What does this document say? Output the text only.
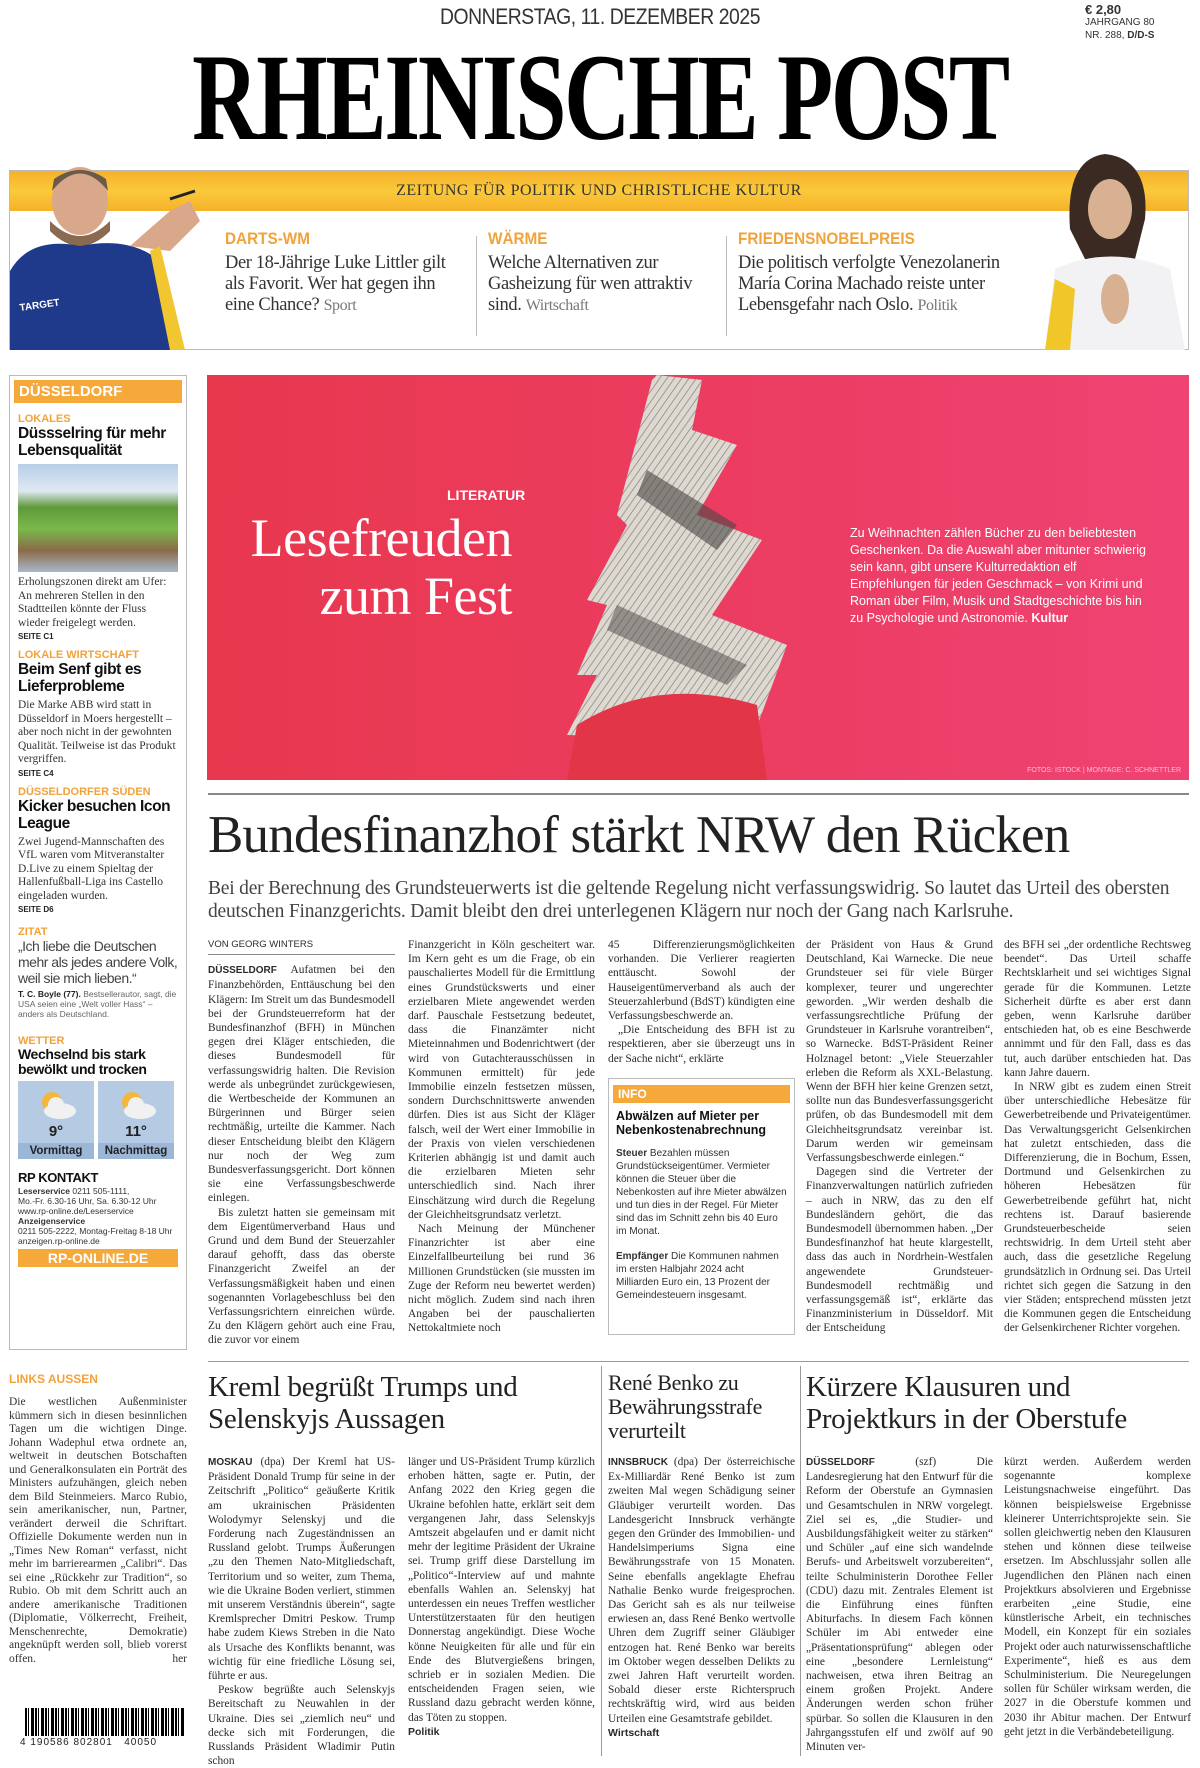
DONNERSTAG, 11. DEZEMBER 2025	€ 2,80
JAHRGANG 80
NR. 288, D/D-S
RHEINISCHE POST
ZEITUNG FÜR POLITIK UND CHRISTLICHE KULTUR
TARGET
DARTS-WM
Der 18-Jährige Luke Littler gilt als Favorit. Wer hat gegen ihn eine Chance? Sport
WÄRME
Welche Alternativen zur Gasheizung für wen attraktiv sind. Wirtschaft
FRIEDENSNOBELPREIS
Die politisch verfolgte Venezolanerin María Corina Machado reiste unter Lebensgefahr nach Oslo. Politik
DÜSSELDORF
LOKALES
Düssselring für mehr Lebensqualität
Erholungszonen direkt am Ufer: An mehreren Stellen in den Stadtteilen könnte der Fluss wieder freigelegt werden.
SEITE C1
LOKALE WIRTSCHAFT
Beim Senf gibt es Lieferprobleme
Die Marke ABB wird statt in Düsseldorf in Moers hergestellt – aber noch nicht in der gewohnten Qualität. Teilweise ist das Produkt vergriffen.
SEITE C4
DÜSSELDORFER SÜDEN
Kicker besuchen Icon League
Zwei Jugend-Mannschaften des VfL waren vom Mitveranstalter D.Live zu einem Spieltag der Hallenfußball-Liga ins Castello eingeladen wurden.
SEITE D6
ZITAT
„Ich liebe die Deutschen mehr als jedes andere Volk, weil sie mich lieben.“
T. C. Boyle (77). Bestsellerautor, sagt, die USA seien eine „Welt voller Hass“ – anders als Deutschland.
WETTER
Wechselnd bis stark bewölkt und trocken
9°
Vormittag
11°
Nachmittag
RP KONTAKT
Leserservice 0211 505-1111,
Mo.-Fr. 6.30-16 Uhr, Sa. 6.30-12 Uhr
www.rp-online.de/Leserservice
Anzeigenservice
0211 505-2222, Montag-Freitag 8-18 Uhr
anzeigen.rp-online.de
RP-ONLINE.DE
LITERATUR
Lesefreuden
zum Fest
Zu Weihnachten zählen Bücher zu den beliebtesten Geschenken. Da die Auswahl aber mitunter schwierig sein kann, gibt unsere Kulturredaktion elf Empfehlungen für jeden Geschmack – von Krimi und Roman über Film, Musik und Stadtgeschichte bis hin zu Psychologie und Astronomie. Kultur
FOTOS: ISTOCK | MONTAGE: C. SCHNETTLER
Bundesfinanzhof stärkt NRW den Rücken
Bei der Berechnung des Grundsteuerwerts ist die geltende Regelung nicht verfassungswidrig. So lautet das Urteil des obersten deutschen Finanzgerichts. Damit bleibt den drei unterlegenen Klägern nur noch der Gang nach Karlsruhe.
VON GEORG WINTERS

DÜSSELDORF Aufatmen bei den Finanzbehörden, Enttäuschung bei den Klägern: Im Streit um das Bundesmodell bei der Grundsteuerreform hat der Bundesfinanzhof (BFH) in München gegen drei Kläger entschieden, die dieses Bundesmodell für verfassungswidrig halten. Die Revision werde als unbegründet zurückgewiesen, die Wertbescheide der Kommunen an Bürgerinnen und Bürger seien rechtmäßig, urteilte die Kammer. Nach dieser Entscheidung bleibt den Klägern nur noch der Weg zum Bundesverfassungsgericht. Dort können sie eine Verfassungsbeschwerde einlegen.

Bis zuletzt hatten sie gemeinsam mit dem Eigentümerverband Haus und Grund und dem Bund der Steuerzahler darauf gehofft, dass das oberste Finanzgericht Zweifel an der Verfassungsmäßigkeit haben und einen sogenannten Vorlagebeschluss bei den Verfassungsrichtern einreichen würde. Zu den Klägern gehört auch eine Frau, die zuvor vor einem

Finanzgericht in Köln gescheitert war. Im Kern geht es um die Frage, ob ein pauschaliertes Modell für die Ermittlung eines Grundstückswerts und einer erzielbaren Miete angewendet werden darf. Pauschale Festsetzung bedeutet, dass die Finanzämter nicht Mieteinnahmen und Bodenrichtwert (der wird von Gutachterausschüssen in Kommunen ermittelt) für jede Immobilie einzeln festsetzen müssen, sondern Durchschnittswerte anwenden dürfen. Dies ist aus Sicht der Kläger falsch, weil der Wert einer Immobilie in der Praxis von vielen verschiedenen Kriterien abhängig ist und damit auch die erzielbaren Mieten sehr unterschiedlich sind. Nach ihrer Einschätzung wird durch die Regelung der Gleichheitsgrundsatz verletzt.

Nach Meinung der Münchener Finanzrichter ist aber eine Einzelfallbeurteilung bei rund 36 Millionen Grundstücken (sie mussten im Zuge der Reform neu bewertet werden) nicht möglich. Zudem sind nach ihren Angaben bei der pauschalierten Nettokaltmiete noch

45 Differenzierungsmöglichkeiten vorhanden. Die Verlierer reagierten enttäuscht. Sowohl der Hauseigentümerverband als auch der Steuerzahlerbund (BdST) kündigten eine Verfassungsbeschwerde an.

„Die Entscheidung des BFH ist zu respektieren, aber sie überzeugt uns in der Sache nicht“, erklärte

INFO
Abwälzen auf Mieter per Nebenkostenabrechnung
Steuer Bezahlen müssen Grundstückseigentümer. Vermieter können die Steuer über die Nebenkosten auf ihre Mieter abwälzen und tun dies in der Regel. Für Mieter sind das im Schnitt zehn bis 40 Euro im Monat.
Empfänger Die Kommunen nahmen im ersten Halbjahr 2024 acht Milliarden Euro ein, 13 Prozent der Gemeindesteuern insgesamt.

der Präsident von Haus & Grund Deutschland, Kai Warnecke. Die neue Grundsteuer sei für viele Bürger komplexer, teurer und ungerechter geworden. „Wir werden deshalb die verfassungsrechtliche Prüfung der Grundsteuer in Karlsruhe vorantreiben“, so Warnecke. BdST-Präsident Reiner Holznagel betont: „Viele Steuerzahler erleben die Reform als XXL-Belastung. Wenn der BFH hier keine Grenzen setzt, sollte nun das Bundesverfassungsgericht prüfen, ob das Bundesmodell mit dem Gleichheitsgrundsatz vereinbar ist. Darum werden wir gemeinsam Verfassungsbeschwerde einlegen.“

Dagegen sind die Vertreter der Finanzverwaltungen natürlich zufrieden – auch in NRW, das zu den elf Bundesländern gehört, die das Bundesmodell übernommen haben. „Der Bundesfinanzhof hat heute klargestellt, dass das auch in Nordrhein-Westfalen angewendete Grundsteuer-Bundesmodell rechtmäßig und verfassungsgemäß ist“, erklärte das Finanzministerium in Düsseldorf. Mit der Entscheidung

des BFH sei „der ordentliche Rechtsweg beendet“. Das Urteil schaffe Rechtsklarheit und sei wichtiges Signal gerade für die Kommunen. Letzte Sicherheit dürfte es aber erst dann geben, wenn Karlsruhe darüber entschieden hat, ob es eine Beschwerde annimmt und für den Fall, dass es das tut, auch darüber entschieden hat. Das kann Jahre dauern.

In NRW gibt es zudem einen Streit über unterschiedliche Hebesätze für Gewerbetreibende und Privateigentümer. Das Verwaltungsgericht Gelsenkirchen hat zuletzt entschieden, dass die Differenzierung, die in Bochum, Essen, Dortmund und Gelsenkirchen zu höheren Hebesätzen für Gewerbetreibende geführt hat, nicht rechtens ist. Darauf basierende Grundsteuerbescheide seien rechtswidrig. In dem Urteil steht aber auch, dass die gesetzliche Regelung grundsätzlich in Ordnung sei. Das Urteil richtet sich gegen die Satzung in den vier Städen; entsprechend müssten jetzt die Kommunen gegen die Entscheidung der Gelsenkirchener Richter vorgehen.

LINKS AUSSEN
Die westlichen Außenminister kümmern sich in diesen besinnlichen Tagen um die wichtigen Dinge. Johann Wadephul etwa ordnete an, weltweit in deutschen Botschaften und Generalkonsulaten ein Porträt des Ministers aufzuhängen, gleich neben dem Bild Steinmeiers. Marco Rubio, sein amerikanischer, nun, Partner, verändert derweil die Schriftart. Offizielle Dokumente werden nun in „Times New Roman“ verfasst, nicht mehr im barrierearmen „Calibri“. Das sei eine „Rückkehr zur Tradition“, so Rubio. Ob mit dem Schritt auch an andere amerikanische Traditionen (Diplomatie, Völkerrecht, Freiheit, Menschenrechte, Demokratie) angeknüpft werden soll, blieb vorerst offen.	her
4 190586 802801   40050
Kreml begrüßt Trumps und Selenskyjs Aussagen

MOSKAU (dpa) Der Kreml hat US-Präsident Donald Trump für seine in der Zeitschrift „Politico“ geäußerte Kritik am ukrainischen Präsidenten Wolodymyr Selenskyj und die Forderung nach Zugeständnissen an Russland gelobt. Trumps Äußerungen „zu den Themen Nato-Mitgliedschaft, Territorium und so weiter, zum Thema, wie die Ukraine Boden verliert, stimmen mit unserem Verständnis überein“, sagte Kremlsprecher Dmitri Peskow. Trump habe zudem Kiews Streben in die Nato als Ursache des Konflikts benannt, was wichtig für eine friedliche Lösung sei, führte er aus.

Peskow begrüßte auch Selenskyjs Bereitschaft zu Neuwahlen in der Ukraine. Dies sei „ziemlich neu“ und decke sich mit Forderungen, die Russlands Präsident Wladimir Putin schon

länger und US-Präsident Trump kürzlich erhoben hätten, sagte er. Putin, der Anfang 2022 den Krieg gegen die Ukraine befohlen hatte, erklärt seit dem vergangenen Jahr, dass Selenskyjs Amtszeit abgelaufen und er damit nicht mehr der legitime Präsident der Ukraine sei. Trump griff diese Darstellung im „Politico“-Interview auf und mahnte ebenfalls Wahlen an. Selenskyj hat unterdessen ein neues Treffen westlicher Unterstützerstaaten für den heutigen Donnerstag angekündigt. Diese Woche könne Neuigkeiten für alle und für ein Ende des Blutvergießens bringen, schrieb er in sozialen Medien. Die entscheidenden Fragen seien, wie Russland dazu gebracht werden könne, das Töten zu stoppen.

Politik
René Benko zu Bewährungsstrafe verurteilt

INNSBRUCK (dpa) Der österreichische Ex-Milliardär René Benko ist zum zweiten Mal wegen Schädigung seiner Gläubiger verurteilt worden. Das Landesgericht Innsbruck verhängte gegen den Gründer des Immobilien- und Handelsimperiums Signa eine Bewährungsstrafe von 15 Monaten. Seine ebenfalls angeklagte Ehefrau Nathalie Benko wurde freigesprochen. Das Gericht sah es als nur teilweise erwiesen an, dass René Benko wertvolle Uhren dem Zugriff seiner Gläubiger entzogen hat. René Benko war bereits im Oktober wegen desselben Delikts zu zwei Jahren Haft verurteilt worden. Sobald dieser erste Richterspruch rechtskräftig wird, wird aus beiden Urteilen eine Gesamtstrafe gebildet.

Wirtschaft
Kürzere Klausuren und Projektkurs in der Oberstufe

DÜSSELDORF	(szf)	Die Landesregierung hat den Entwurf für die Reform der Oberstufe an Gymnasien und Gesamtschulen in NRW vorgelegt. Ziel sei es, „die Studier- und Ausbildungsfähigkeit weiter zu stärken“ und Schüler „auf eine sich wandelnde Berufs- und Arbeitswelt vorzubereiten“, teilte Schulministerin Dorothee Feller (CDU) dazu mit. Zentrales Element ist die Einführung eines fünften Abiturfachs. In diesem Fach können Schüler im Abi entweder eine „Präsentationsprüfung“ ablegen oder eine „besondere Lernleistung“ nachweisen, etwa ihren Beitrag an einem großen Projekt. Andere Änderungen werden schon früher spürbar. So sollen die Klausuren in den Jahrgangsstufen elf und zwölf auf 90 Minuten ver-

kürzt werden. Außerdem werden sogenannte komplexe Leistungsnachweise eingeführt. Das können beispielsweise Ergebnisse kleinerer Unterrichtsprojekte sein. Sie sollen gleichwertig neben den Klausuren stehen und können diese teilweise ersetzen. Im Abschlussjahr sollen alle Jugendlichen den Plänen nach einen Projektkurs absolvieren und Ergebnisse erarbeiten „eine Studie, eine künstlerische Arbeit, ein technisches Modell, ein Konzept für ein soziales Projekt oder auch naturwissenschaftliche Experimente“, hieß es aus dem Schulministerium. Die Neuregelungen sollen für Schüler wirksam werden, die 2027 in die Oberstufe kommen und 2030 ihr Abitur machen. Der Entwurf geht jetzt in die Verbändebeteiligung.
